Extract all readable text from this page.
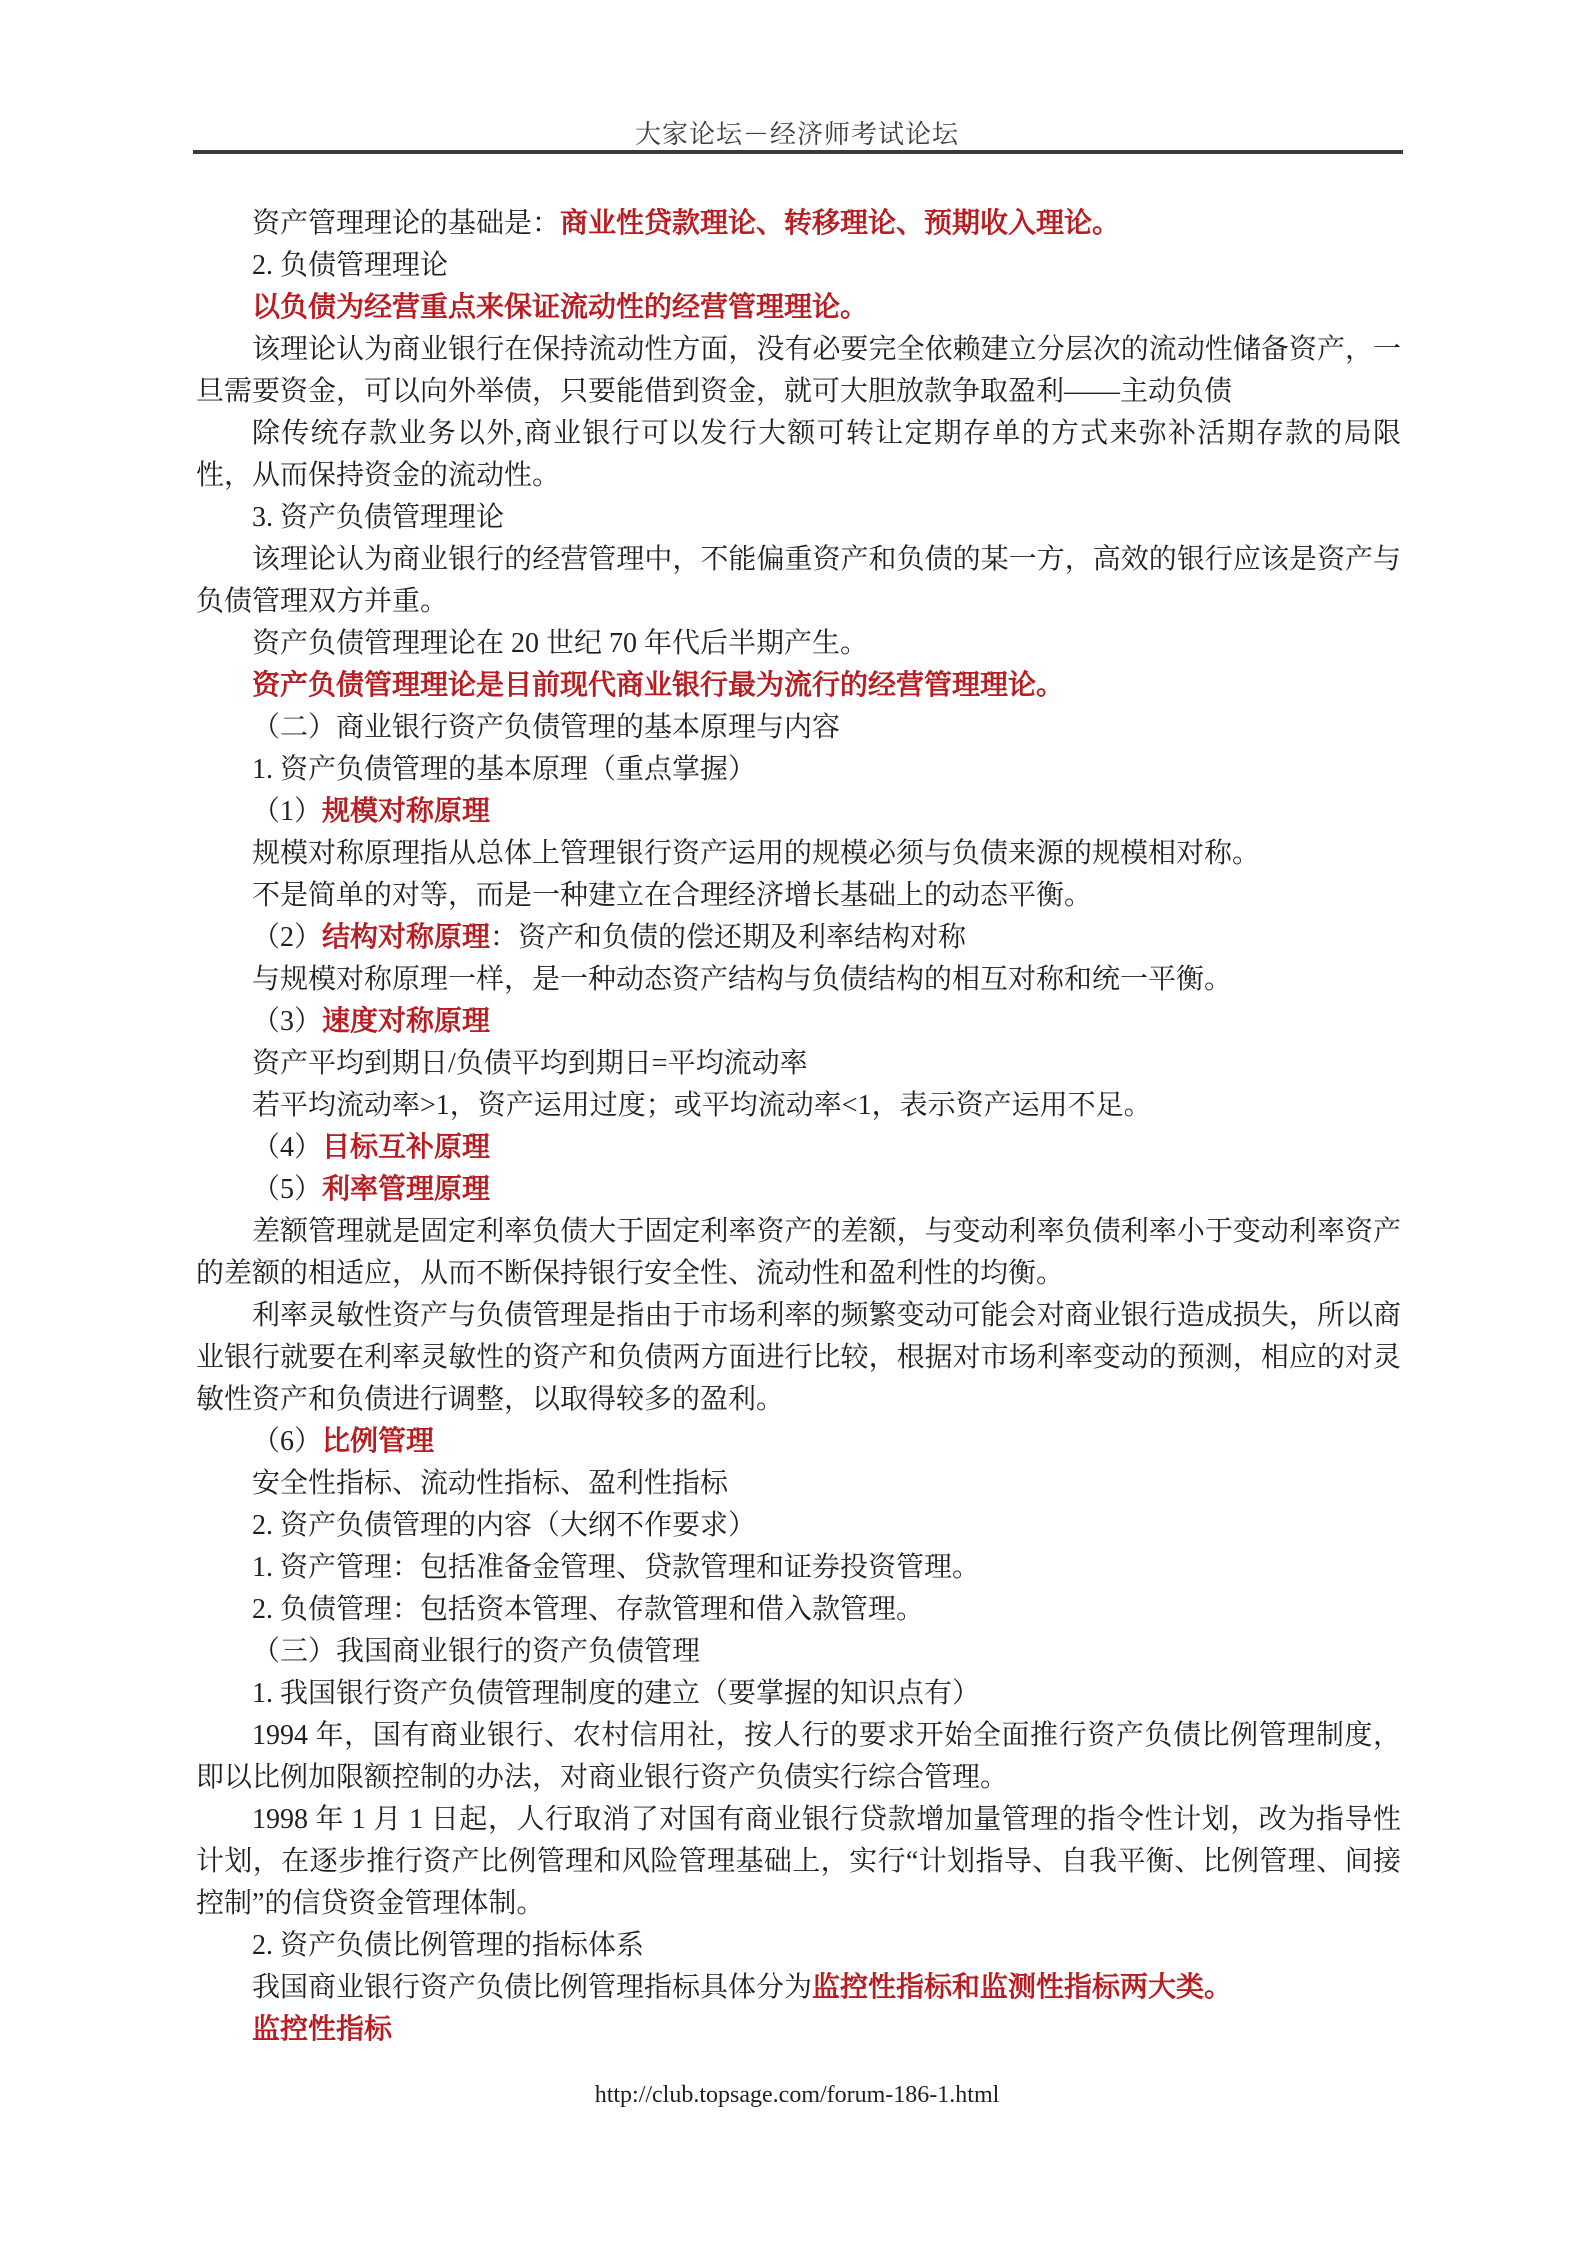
大家论坛－经济师考试论坛

资产管理理论的基础是：商业性贷款理论、转移理论、预期收入理论。

2. 负债管理理论

以负债为经营重点来保证流动性的经营管理理论。

该理论认为商业银行在保持流动性方面，没有必要完全依赖建立分层次的流动性储备资产，一旦需要资金，可以向外举债，只要能借到资金，就可大胆放款争取盈利——主动负债

除传统存款业务以外,商业银行可以发行大额可转让定期存单的方式来弥补活期存款的局限性，从而保持资金的流动性。

3. 资产负债管理理论

该理论认为商业银行的经营管理中，不能偏重资产和负债的某一方，高效的银行应该是资产与负债管理双方并重。

资产负债管理理论在 20 世纪 70 年代后半期产生。

资产负债管理理论是目前现代商业银行最为流行的经营管理理论。

（二）商业银行资产负债管理的基本原理与内容

1. 资产负债管理的基本原理（重点掌握）

（1）规模对称原理

规模对称原理指从总体上管理银行资产运用的规模必须与负债来源的规模相对称。

不是简单的对等，而是一种建立在合理经济增长基础上的动态平衡。

（2）结构对称原理：资产和负债的偿还期及利率结构对称

与规模对称原理一样，是一种动态资产结构与负债结构的相互对称和统一平衡。

（3）速度对称原理

资产平均到期日/负债平均到期日=平均流动率

若平均流动率>1，资产运用过度；或平均流动率<1，表示资产运用不足。

（4）目标互补原理

（5）利率管理原理

差额管理就是固定利率负债大于固定利率资产的差额，与变动利率负债利率小于变动利率资产的差额的相适应，从而不断保持银行安全性、流动性和盈利性的均衡。

利率灵敏性资产与负债管理是指由于市场利率的频繁变动可能会对商业银行造成损失，所以商业银行就要在利率灵敏性的资产和负债两方面进行比较，根据对市场利率变动的预测，相应的对灵敏性资产和负债进行调整，以取得较多的盈利。

（6）比例管理

安全性指标、流动性指标、盈利性指标

2. 资产负债管理的内容（大纲不作要求）

1. 资产管理：包括准备金管理、贷款管理和证券投资管理。

2. 负债管理：包括资本管理、存款管理和借入款管理。

（三）我国商业银行的资产负债管理

1. 我国银行资产负债管理制度的建立（要掌握的知识点有）

1994 年，国有商业银行、农村信用社，按人行的要求开始全面推行资产负债比例管理制度，即以比例加限额控制的办法，对商业银行资产负债实行综合管理。

1998 年 1 月 1 日起，人行取消了对国有商业银行贷款增加量管理的指令性计划，改为指导性计划，在逐步推行资产比例管理和风险管理基础上，实行“计划指导、自我平衡、比例管理、间接控制”的信贷资金管理体制。

2. 资产负债比例管理的指标体系

我国商业银行资产负债比例管理指标具体分为监控性指标和监测性指标两大类。

监控性指标

http://club.topsage.com/forum-186-1.html
